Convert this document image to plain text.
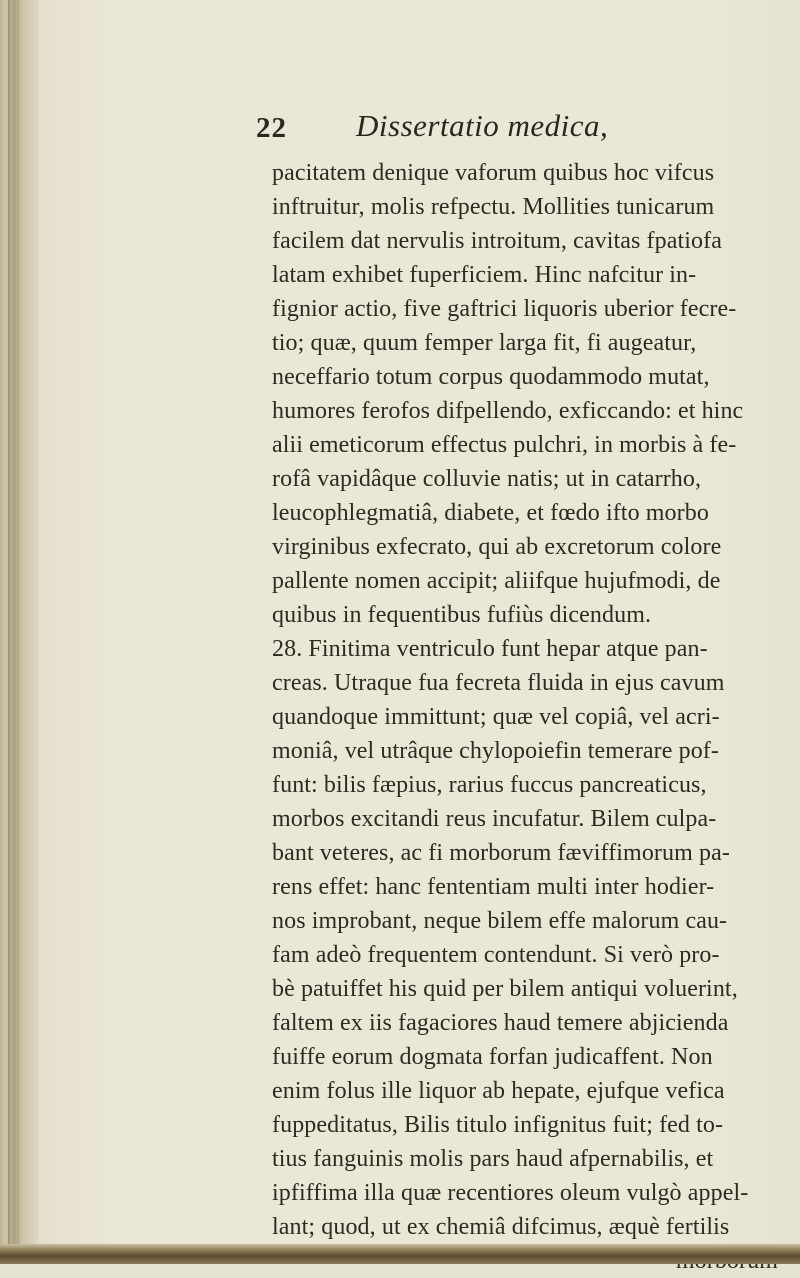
22 Dissertatio medica,
pacitatem denique vaforum quibus hoc vifcus
inftruitur, molis refpectu. Mollities tunicarum
facilem dat nervulis introitum, cavitas fpatiofa
latam exhibet fuperficiem. Hinc nafcitur in-
fignior actio, five gaftrici liquoris uberior fecre-
tio; quæ, quum femper larga fit, fi augeatur,
neceffario totum corpus quodammodo mutat,
humores ferofos difpellendo, exficcando: et hinc
alii emeticorum effectus pulchri, in morbis à fe-
rofâ vapidâque colluvie natis; ut in catarrho,
leucophlegmatiâ, diabete, et fœdo ifto morbo
virginibus exfecrato, qui ab excretorum colore
pallente nomen accipit; aliifque hujufmodi, de
quibus in fequentibus fufiùs dicendum.
28. Finitima ventriculo funt hepar atque pan-
creas. Utraque fua fecreta fluida in ejus cavum
quandoque immittunt; quæ vel copiâ, vel acri-
moniâ, vel utrâque chylopoiefin temerare pof-
funt: bilis fæpius, rarius fuccus pancreaticus,
morbos excitandi reus incufatur. Bilem culpa-
bant veteres, ac fi morborum fæviffimorum pa-
rens effet: hanc fententiam multi inter hodier-
nos improbant, neque bilem effe malorum cau-
fam adeò frequentem contendunt. Si verò pro-
bè patuiffet his quid per bilem antiqui voluerint,
faltem ex iis fagaciores haud temere abjicienda
fuiffe eorum dogmata forfan judicaffent. Non
enim folus ille liquor ab hepate, ejufque vefica
fuppeditatus, Bilis titulo infignitus fuit; fed to-
tius fanguinis molis pars haud afpernabilis, et
ipfiffima illa quæ recentiores oleum vulgò appel-
lant; quod, ut ex chemiâ difcimus, æquè fertilis
